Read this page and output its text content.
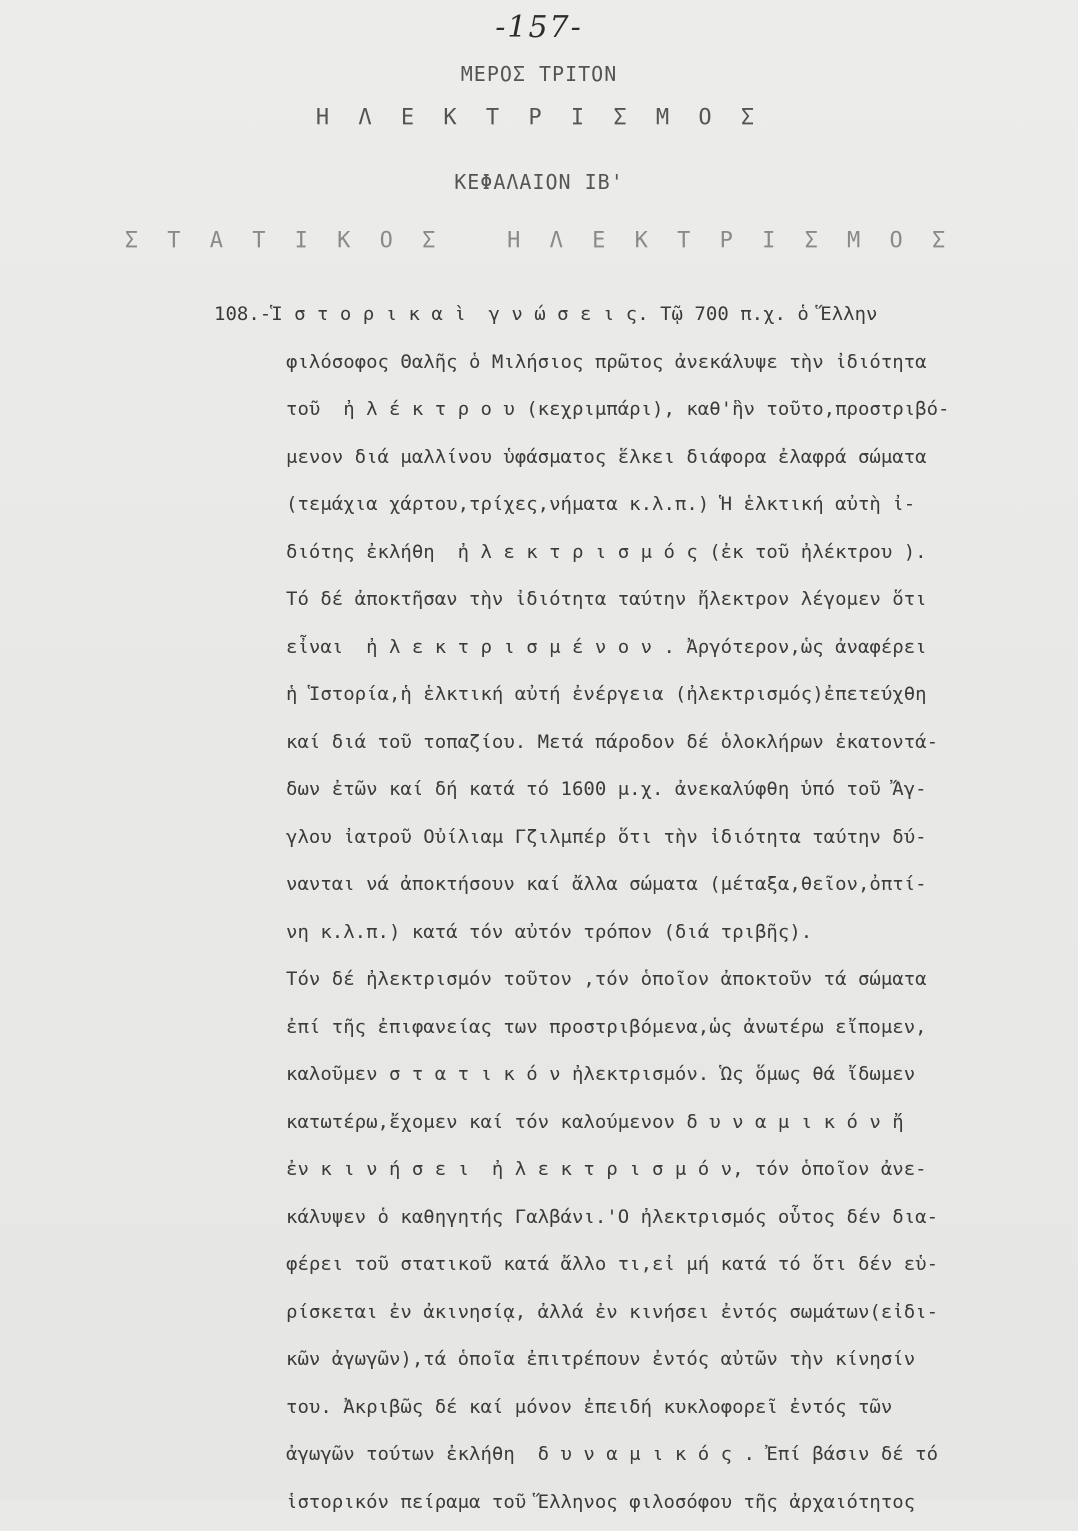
-157-
ΜΕΡΟΣ ΤΡΙΤΟΝ
Η Λ Ε Κ Τ Ρ Ι Σ Μ Ο Σ
ΚΕΦΑΛΑΙΟΝ ΙΒ'
Σ Τ Α Τ Ι Κ Ο Σ   Η Λ Ε Κ Τ Ρ Ι Σ Μ Ο Σ
108.-Ἱ σ τ ο ρ ι κ α ὶ  γ ν ώ σ ε ι ς. Τῷ 700 π.χ. ὁ Ἕλλην
φιλόσοφος Θαλῆς ὁ Μιλήσιος πρῶτος ἀνεκάλυψε τὴν ἰδιότητα
τοῦ  ἠ λ έ κ τ ρ ο υ (κεχριμπάρι), καθ'ἣν τοῦτο,προστριβό-
μενον διά μαλλίνου ὑφάσματος ἕλκει διάφορα ἐλαφρά σώματα
(τεμάχια χάρτου,τρίχες,νήματα κ.λ.π.) Ἡ ἑλκτική αὐτὴ ἰ-
διότης ἐκλήθη  ἠ λ ε κ τ ρ ι σ μ ό ς (ἐκ τοῦ ἠλέκτρου ).
Τό δέ ἀποκτῆσαν τὴν ἰδιότητα ταύτην ἤλεκτρον λέγομεν ὅτι
εἶναι  ἠ λ ε κ τ ρ ι σ μ έ ν ο ν . Ἀργότερον,ὡς ἀναφέρει
ἡ Ἱστορία,ἡ ἑλκτική αὐτή ἐνέργεια (ἠλεκτρισμός)ἐπετεύχθη
καί διά τοῦ τοπαζίου. Μετά πάροδον δέ ὁλοκλήρων ἑκατοντά-
δων ἐτῶν καί δή κατά τό 1600 μ.χ. ἀνεκαλύφθη ὑπό τοῦ Ἄγ-
γλου ἰατροῦ Οὐίλιαμ Γζιλμπέρ ὅτι τὴν ἰδιότητα ταύτην δύ-
νανται νά ἀποκτήσουν καί ἄλλα σώματα (μέταξα,θεῖον,ὀπτί-
νη κ.λ.π.) κατά τόν αὐτόν τρόπον (διά τριβῆς).
Τόν δέ ἠλεκτρισμόν τοῦτον ,τόν ὁποῖον ἀποκτοῦν τά σώματα
ἐπί τῆς ἐπιφανείας των προστριβόμενα,ὡς ἀνωτέρω εἴπομεν,
καλοῦμεν σ τ α τ ι κ ό ν ἠλεκτρισμόν. Ὡς ὅμως θά ἴδωμεν
κατωτέρω,ἔχομεν καί τόν καλούμενον δ υ ν α μ ι κ ό ν ἤ
ἐν κ ι ν ή σ ε ι  ἠ λ ε κ τ ρ ι σ μ ό ν, τόν ὁποῖον ἀνε-
κάλυψεν ὁ καθηγητής Γαλβάνι.'Ο ἠλεκτρισμός οὗτος δέν δια-
φέρει τοῦ στατικοῦ κατά ἄλλο τι,εἰ μή κατά τό ὅτι δέν εὑ-
ρίσκεται ἐν ἀκινησίᾳ, ἀλλά ἐν κινήσει ἐντός σωμάτων(εἰδι-
κῶν ἀγωγῶν),τά ὁποῖα ἐπιτρέπουν ἐντός αὐτῶν τὴν κίνησίν
του. Ἀκριβῶς δέ καί μόνον ἐπειδή κυκλοφορεῖ ἐντός τῶν
ἀγωγῶν τούτων ἐκλήθη  δ υ ν α μ ι κ ό ς . Ἐπί βάσιν δέ τό
ἱστορικόν πείραμα τοῦ Ἕλληνος φιλοσόφου τῆς ἀρχαιότητος
